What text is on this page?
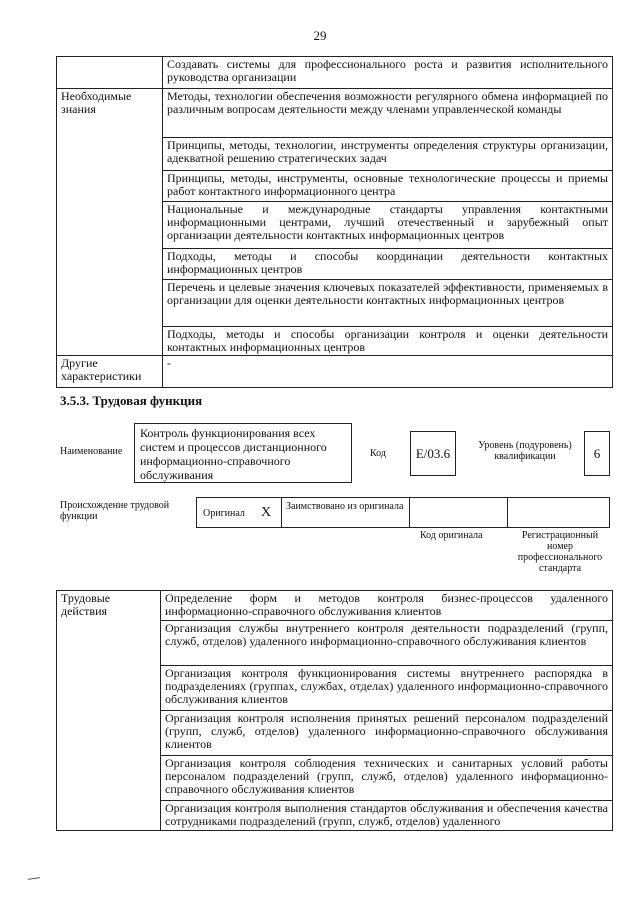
29
	Создавать системы для профессионального роста и развития исполнительного руководства организации
Необходимые знания	Методы, технологии обеспечения возможности регулярного обмена информацией по различным вопросам деятельности между членами управленческой команды
	Принципы, методы, технологии, инструменты определения структуры организации, адекватной решению стратегических задач
	Принципы, методы, инструменты, основные технологические процессы и приемы работ контактного информационного центра
	Национальные и международные стандарты управления контактными информационными центрами, лучший отечественный и зарубежный опыт организации деятельности контактных информационных центров
	Подходы, методы и способы координации деятельности контактных информационных центров
	Перечень и целевые значения ключевых показателей эффективности, применяемых в организации для оценки деятельности контактных информационных центров
	Подходы, методы и способы организации контроля и оценки деятельности контактных информационных центров
Другие характеристики	-
3.5.3. Трудовая функция
Наименование
Контроль функционирования всех систем и процессов дистанционного информационно-справочного обслуживания
Код	E/03.6	Уровень (подуровень) квалификации	6
Происхождение трудовой функции	Оригинал X Заимствовано из оригинала
Код оригинала	Регистрационный номер профессионального стандарта
Трудовые действия	Определение форм и методов контроля бизнес-процессов удаленного информационно-справочного обслуживания клиентов
Организация службы внутреннего контроля деятельности подразделений (групп, служб, отделов) удаленного информационно-справочного обслуживания клиентов
Организация контроля функционирования системы внутреннего распорядка в подразделениях (группах, службах, отделах) удаленного информационно-справочного обслуживания клиентов
Организация контроля исполнения принятых решений персоналом подразделений (групп, служб, отделов) удаленного информационно-справочного обслуживания клиентов
Организация контроля соблюдения технических и санитарных условий работы персоналом подразделений (групп, служб, отделов) удаленного информационно-справочного обслуживания клиентов
Организация контроля выполнения стандартов обслуживания и обеспечения качества сотрудниками подразделений (групп, служб, отделов) удаленного
